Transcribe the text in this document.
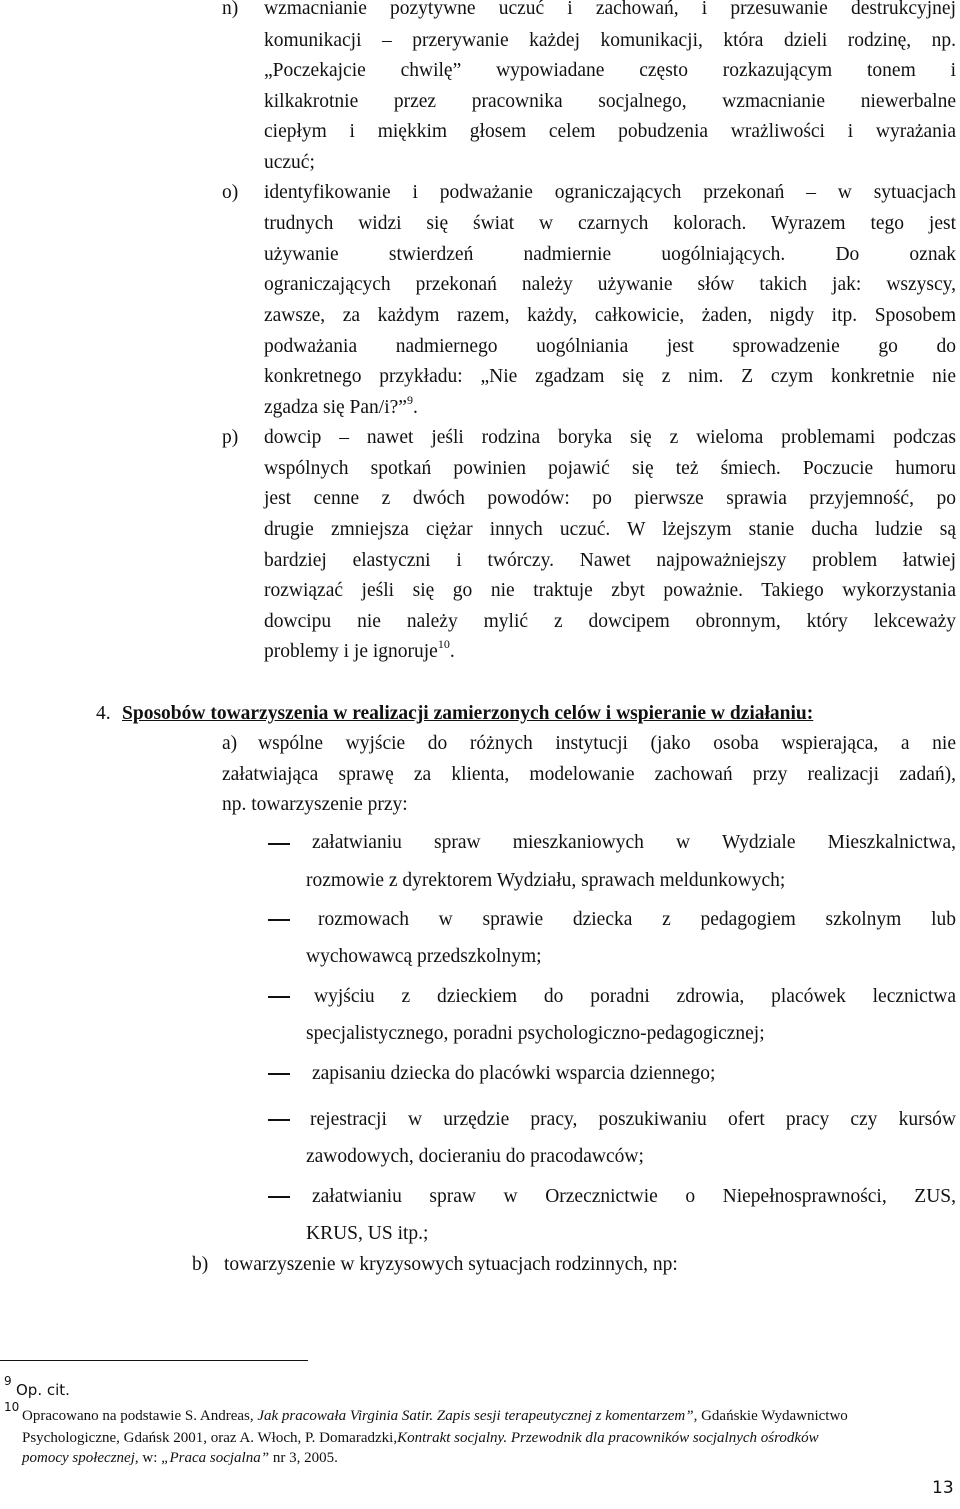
n) wzmacnianie pozytywne uczuć i zachowań, i przesuwanie destrukcyjnej
komunikacji – przerywanie każdej komunikacji, która dzieli rodzinę, np.
„Poczekajcie chwilę” wypowiadane często rozkazującym tonem i
kilkakrotnie przez pracownika socjalnego, wzmacnianie niewerbalne
ciepłym i miękkim głosem celem pobudzenia wrażliwości i wyrażania
uczuć;
o) identyfikowanie i podważanie ograniczających przekonań – w sytuacjach
trudnych widzi się świat w czarnych kolorach. Wyrazem tego jest
używanie stwierdzeń nadmiernie uogólniających. Do oznak
ograniczających przekonań należy używanie słów takich jak: wszyscy,
zawsze, za każdym razem, każdy, całkowicie, żaden, nigdy itp. Sposobem
podważania nadmiernego uogólniania jest sprowadzenie go do
konkretnego przykładu: „Nie zgadzam się z nim. Z czym konkretnie nie
zgadza się Pan/i?”$^9$.
p) dowcip – nawet jeśli rodzina boryka się z wieloma problemami podczas
wspólnych spotkań powinien pojawić się też śmiech. Poczucie humoru
jest cenne z dwóch powodów: po pierwsze sprawia przyjemność, po
drugie zmniejsza ciężar innych uczuć. W lżejszym stanie ducha ludzie są
bardziej elastyczni i twórczy. Nawet najpoważniejszy problem łatwiej
rozwiązać jeśli się go nie traktuje zbyt poważnie. Takiego wykorzystania
dowcipu nie należy mylić z dowcipem obronnym, który lekceważy
problemy i je ignoruje$^{10}$.
4. Sposobów towarzyszenia w realizacji zamierzonych celów i wspieranie w działaniu:
a) wspólne wyjście do różnych instytucji (jako osoba wspierająca, a nie
załatwiająca sprawę za klienta, modelowanie zachowań przy realizacji zadań),
np. towarzyszenie przy:
załatwianiu spraw mieszkaniowych w Wydziale Mieszkalnictwa,
rozmowie z dyrektorem Wydziału, sprawach meldunkowych;
rozmowach w sprawie dziecka z pedagogiem szkolnym lub
wychowawcą przedszkolnym;
wyjściu z dzieckiem do poradni zdrowia, placówek lecznictwa
specjalistycznego, poradni psychologiczno-pedagogicznej;
zapisaniu dziecka do placówki wsparcia dziennego;
rejestracji w urzędzie pracy, poszukiwaniu ofert pracy czy kursów
zawodowych, docieraniu do pracodawców;
załatwianiu spraw w Orzecznictwie o Niepełnosprawności, ZUS,
KRUS, US itp.;
b) towarzyszenie w kryzysowych sytuacjach rodzinnych, np:
9 Op. cit.
10
Opracowano na podstawie S. Andreas, Jak pracowała Virginia Satir. Zapis sesji terapeutycznej z komentarzem”, Gdańskie Wydawnictwo
Psychologiczne, Gdańsk 2001, oraz A. Włoch, P. Domaradzki,Kontrakt socjalny. Przewodnik dla pracowników socjalnych ośrodków
pomocy społecznej, w: „Praca socjalna” nr 3, 2005.
13
